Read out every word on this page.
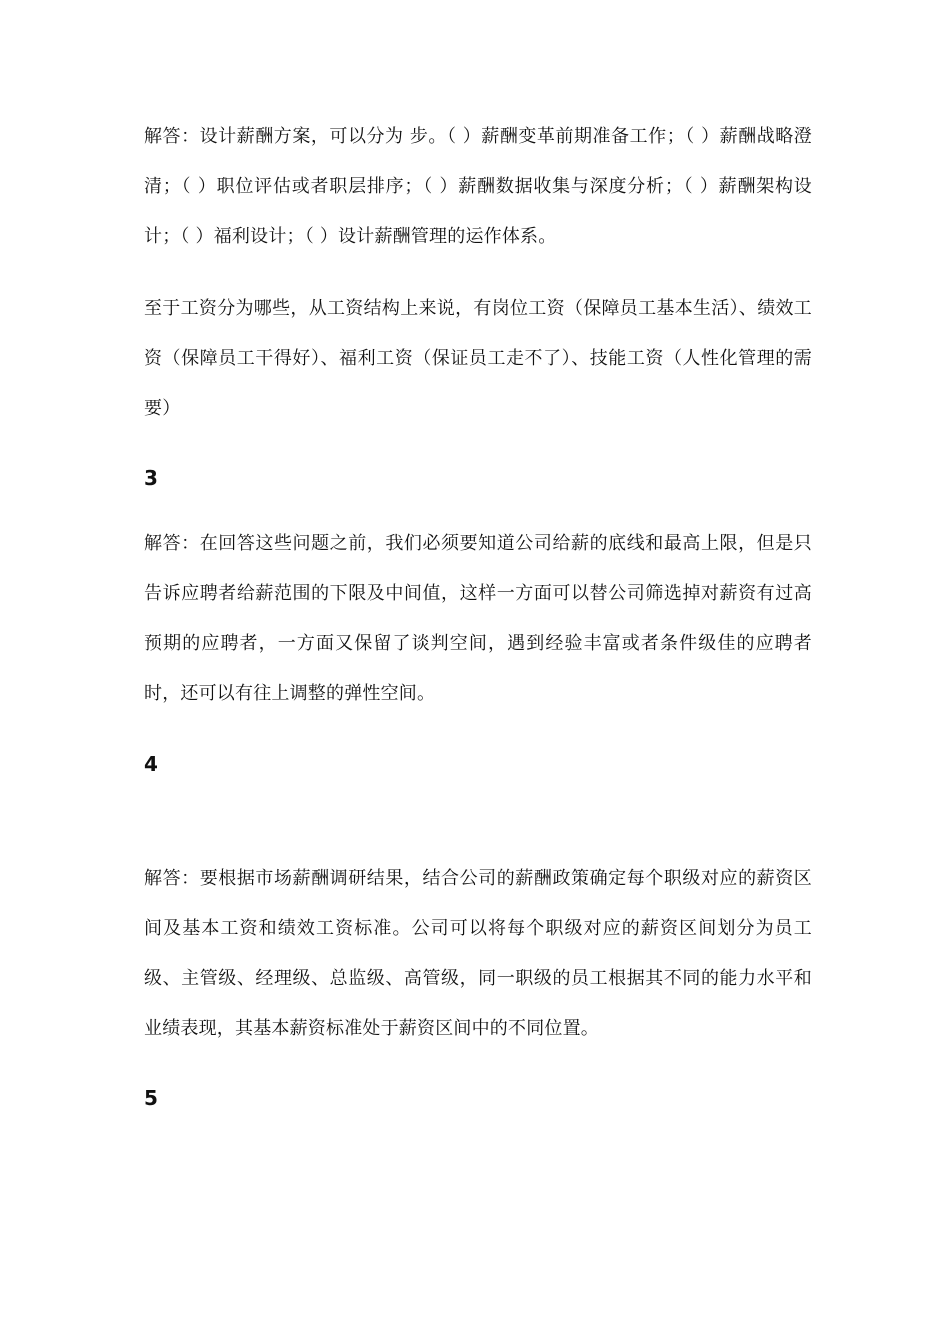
解答：设计薪酬方案，可以分为 步。（ ）薪酬变革前期准备工作；（ ）薪酬战略澄清；（ ）职位评估或者职层排序；（ ）薪酬数据收集与深度分析；（ ）薪酬架构设计；（ ）福利设计；（ ）设计薪酬管理的运作体系。

至于工资分为哪些，从工资结构上来说，有岗位工资（保障员工基本生活）、绩效工资（保障员工干得好）、福利工资（保证员工走不了）、技能工资（人性化管理的需要）

3

解答：在回答这些问题之前，我们必须要知道公司给薪的底线和最高上限，但是只告诉应聘者给薪范围的下限及中间值，这样一方面可以替公司筛选掉对薪资有过高预期的应聘者，一方面又保留了谈判空间，遇到经验丰富或者条件级佳的应聘者时，还可以有往上调整的弹性空间。

4

解答：要根据市场薪酬调研结果，结合公司的薪酬政策确定每个职级对应的薪资区间及基本工资和绩效工资标准。公司可以将每个职级对应的薪资区间划分为员工级、主管级、经理级、总监级、高管级，同一职级的员工根据其不同的能力水平和业绩表现，其基本薪资标准处于薪资区间中的不同位置。

5
